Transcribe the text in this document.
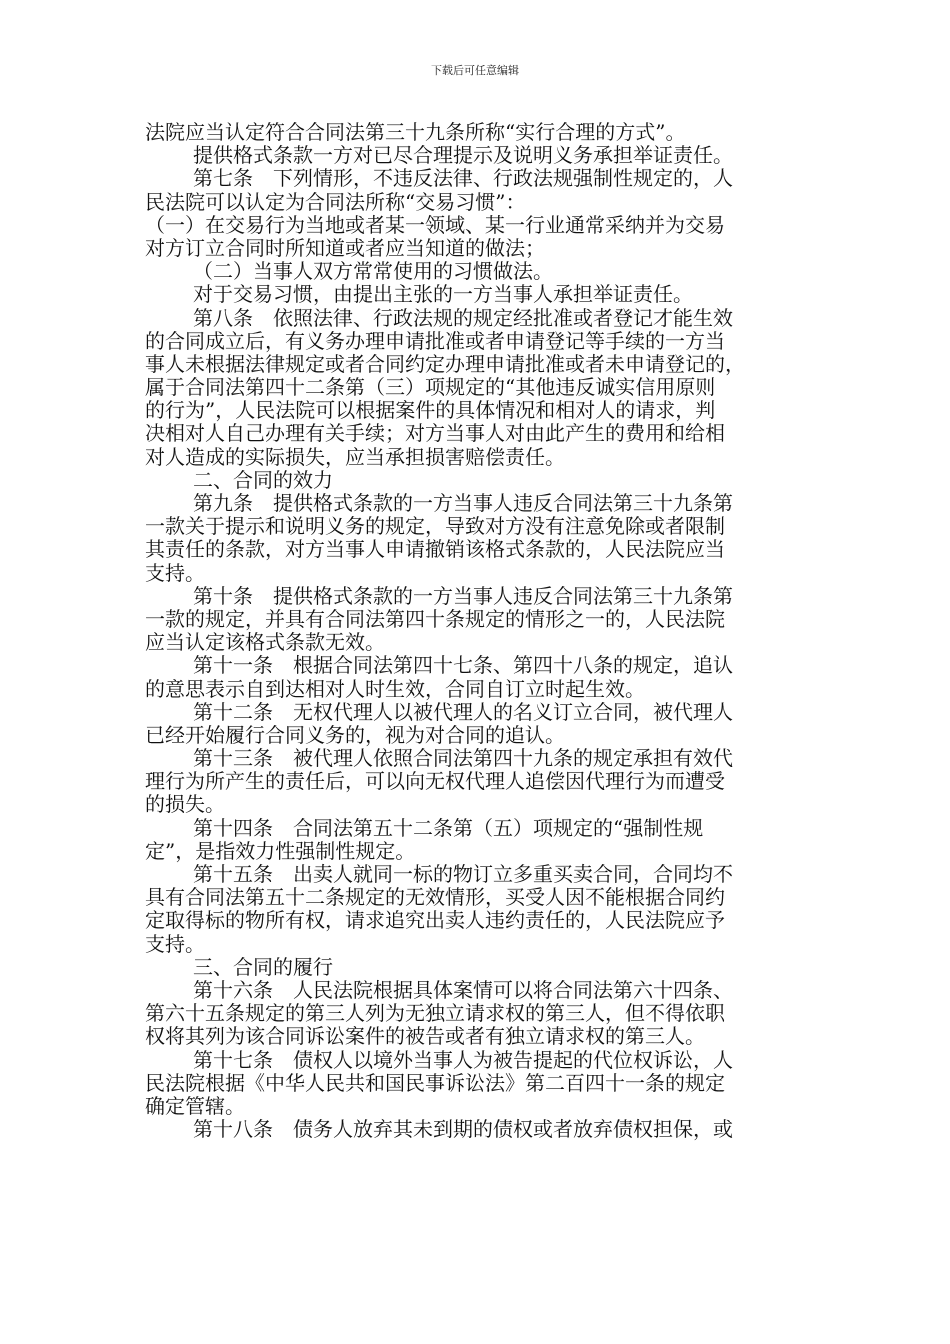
下载后可任意编辑
法院应当认定符合合同法第三十九条所称“实行合理的方式”。
提供格式条款一方对已尽合理提示及说明义务承担举证责任。
第七条　下列情形，不违反法律、行政法规强制性规定的，人
民法院可以认定为合同法所称“交易习惯”：
（一）在交易行为当地或者某一领域、某一行业通常采纳并为交易
对方订立合同时所知道或者应当知道的做法；
（二）当事人双方常常使用的习惯做法。
对于交易习惯，由提出主张的一方当事人承担举证责任。
第八条　依照法律、行政法规的规定经批准或者登记才能生效
的合同成立后，有义务办理申请批准或者申请登记等手续的一方当
事人未根据法律规定或者合同约定办理申请批准或者未申请登记的，
属于合同法第四十二条第（三）项规定的“其他违反诚实信用原则
的行为”，人民法院可以根据案件的具体情况和相对人的请求，判
决相对人自己办理有关手续；对方当事人对由此产生的费用和给相
对人造成的实际损失，应当承担损害赔偿责任。
二、合同的效力
第九条　提供格式条款的一方当事人违反合同法第三十九条第
一款关于提示和说明义务的规定，导致对方没有注意免除或者限制
其责任的条款，对方当事人申请撤销该格式条款的，人民法院应当
支持。
第十条　提供格式条款的一方当事人违反合同法第三十九条第
一款的规定，并具有合同法第四十条规定的情形之一的，人民法院
应当认定该格式条款无效。
第十一条　根据合同法第四十七条、第四十八条的规定，追认
的意思表示自到达相对人时生效，合同自订立时起生效。
第十二条　无权代理人以被代理人的名义订立合同，被代理人
已经开始履行合同义务的，视为对合同的追认。
第十三条　被代理人依照合同法第四十九条的规定承担有效代
理行为所产生的责任后，可以向无权代理人追偿因代理行为而遭受
的损失。
第十四条　合同法第五十二条第（五）项规定的“强制性规
定”，是指效力性强制性规定。
第十五条　出卖人就同一标的物订立多重买卖合同，合同均不
具有合同法第五十二条规定的无效情形，买受人因不能根据合同约
定取得标的物所有权，请求追究出卖人违约责任的，人民法院应予
支持。
三、合同的履行
第十六条　人民法院根据具体案情可以将合同法第六十四条、
第六十五条规定的第三人列为无独立请求权的第三人，但不得依职
权将其列为该合同诉讼案件的被告或者有独立请求权的第三人。
第十七条　债权人以境外当事人为被告提起的代位权诉讼，人
民法院根据《中华人民共和国民事诉讼法》第二百四十一条的规定
确定管辖。
第十八条　债务人放弃其未到期的债权或者放弃债权担保，或
